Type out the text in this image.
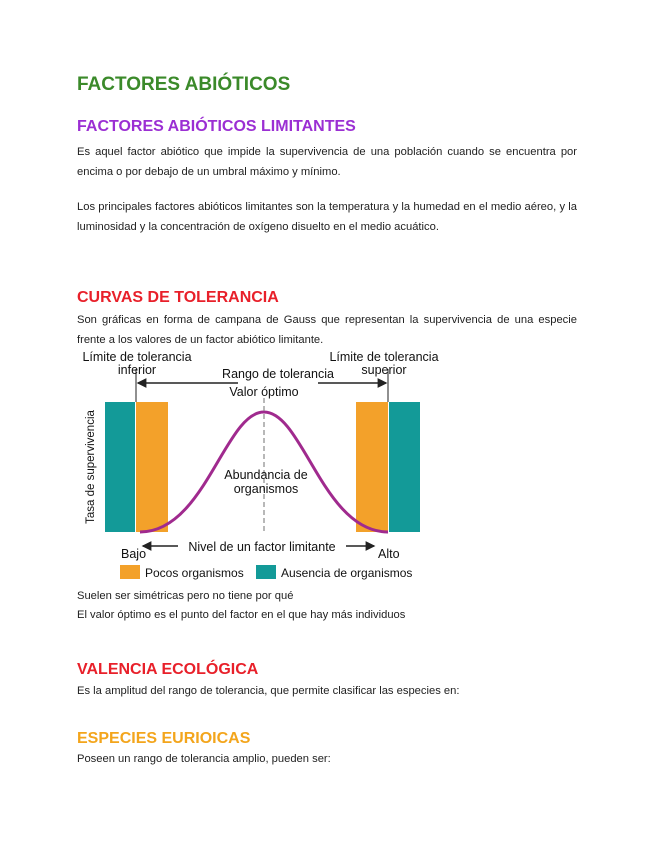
FACTORES ABIÓTICOS
FACTORES ABIÓTICOS LIMITANTES

Es aquel factor abiótico que impide la supervivencia de una población cuando se encuentra por encima o por debajo de un umbral máximo y mínimo.

Los principales factores abióticos limitantes son la temperatura y la humedad en el medio aéreo, y la luminosidad y la concentración de oxígeno disuelto en el medio acuático.

CURVAS DE TOLERANCIA

Son gráficas en forma de campana de Gauss que representan la supervivencia de una especie frente a los valores de un factor abiótico limitante.

Límite de tolerancia
inferior
Límite de tolerancia
superior
Rango de tolerancia
Valor óptimo
Abundancia de
organismos
Tasa de supervivencia
Bajo	Nivel de un factor limitante	Alto
Pocos organismos	Ausencia de organismos

Suelen ser simétricas pero no tiene por qué

El valor óptimo es el punto del factor en el que hay más individuos

VALENCIA ECOLÓGICA

Es la amplitud del rango de tolerancia, que permite clasificar las especies en:

ESPECIES EURIOICAS

Poseen un rango de tolerancia amplio, pueden ser:
